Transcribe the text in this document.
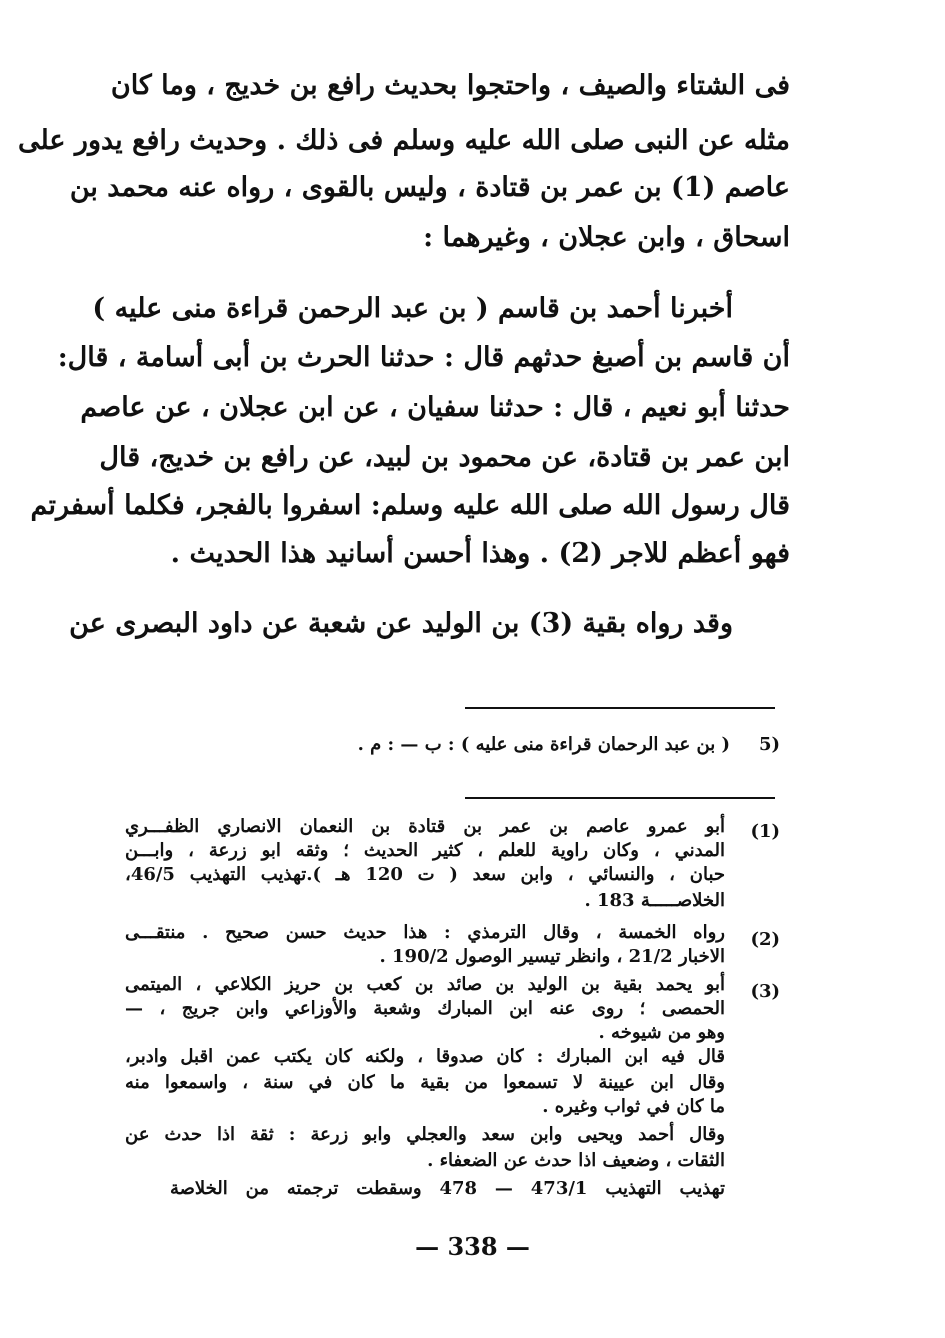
فى الشتاء والصيف ، واحتجوا بحديث رافع بن خديج ، وما كان
مثله عن النبى صلى الله عليه وسلم فى ذلك . وحديث رافع يدور على
عاصم (1) بن عمر بن قتادة ، وليس بالقوى ، رواه عنه محمد بن
اسحاق ، وابن عجلان ، وغيرهما :
أخبرنا أحمد بن قاسم ( بن عبد الرحمن قراءة منى عليه )
أن قاسم بن أصبغ حدثهم قال : حدثنا الحرث بن أبى أسامة ، قال:
حدثنا أبو نعيم ، قال : حدثنا سفيان ، عن ابن عجلان ، عن عاصم
ابن عمر بن قتادة، عن محمود بن لبيد، عن رافع بن خديج، قال
قال رسول الله صلى الله عليه وسلم: اسفروا بالفجر، فكلما أسفرتم
فهو أعظم للاجر (2) . وهذا أحسن أسانيد هذا الحديث .
وقد رواه بقية (3) بن الوليد عن شعبة عن داود البصرى عن
5)
( بن عبد الرحمان قراءة منى عليه ) : ب — : م .
(1)
أبو عمرو عاصم بن عمر بن قتادة بن النعمان الانصاري الظفـــري
المدني ، وكان راوية للعلم ، كثير الحديث ؛ وثقه ابو زرعة ، وابـــن
حبان ، والنسائي ، وابن سعد ( ت 120 هـ ).تهذيب التهذيب 46/5،
الخلاصـــــة 183 .
(2)
رواه الخمسة ، وقال الترمذي : هذا حديث حسن صحيح . منتقـــى
الاخبار 21/2 ، وانظر تيسير الوصول 190/2 .
(3)
أبو يحمد بقية بن الوليد بن صائد بن كعب بن حريز الكلاعي ، الميتمى
الحمصى ؛ روى عنه ابن المبارك وشعبة والأوزاعي وابن جريج ، —
وهو من شيوخه .
قال فيه ابن المبارك : كان صدوقا ، ولكنه كان يكتب عمن اقبل وادبر،
وقال ابن عيينة لا تسمعوا من بقية ما كان في سنة ، واسمعوا منه
ما كان في ثواب وغيره .
وقال أحمد ويحيى وابن سعد والعجلي وابو زرعة : ثقة اذا حدث عن
الثقات ، وضعيف اذا حدث عن الضعفاء .
تهذيب التهذيب 473/1 — 478 وسقطت ترجمته من الخلاصة
— 338 —
